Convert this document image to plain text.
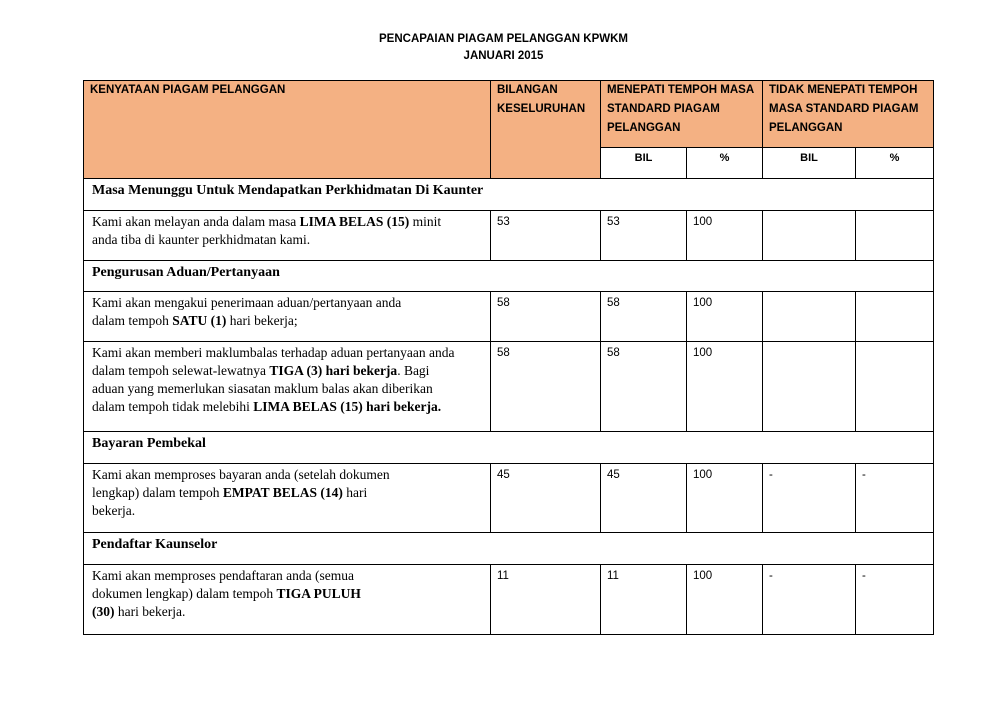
PENCAPAIAN PIAGAM PELANGGAN KPWKM
JANUARI 2015
KENYATAAN PIAGAM PELANGGAN	BILANGAN KESELURUHAN	MENEPATI TEMPOH MASA STANDARD PIAGAM PELANGGAN		TIDAK MENEPATI TEMPOH MASA STANDARD PIAGAM PELANGGAN	
		BIL	%	BIL	%
Masa Menunggu Untuk Mendapatkan Perkhidmatan Di Kaunter					

Kami akan melayan anda dalam masa LIMA BELAS (15) minit
anda tiba di kaunter perkhidmatan kami.	53	53	100		
Pengurusan Aduan/Pertanyaan					

Kami akan mengakui penerimaan aduan/pertanyaan anda
dalam tempoh SATU (1) hari bekerja;	58	58	100		

Kami akan memberi maklumbalas terhadap aduan pertanyaan anda
dalam tempoh selewat-lewatnya TIGA (3) hari bekerja. Bagi
aduan yang memerlukan siasatan maklum balas akan diberikan
dalam tempoh tidak melebihi LIMA BELAS (15) hari bekerja.	58	58	100		
Bayaran Pembekal					

Kami akan memproses bayaran anda (setelah dokumen
lengkap) dalam tempoh EMPAT BELAS (14) hari
bekerja.	45	45	100	-	-
Pendaftar Kaunselor					

Kami akan memproses pendaftaran anda (semua
dokumen lengkap) dalam tempoh TIGA PULUH
(30) hari bekerja.	11	11	100	-	-
